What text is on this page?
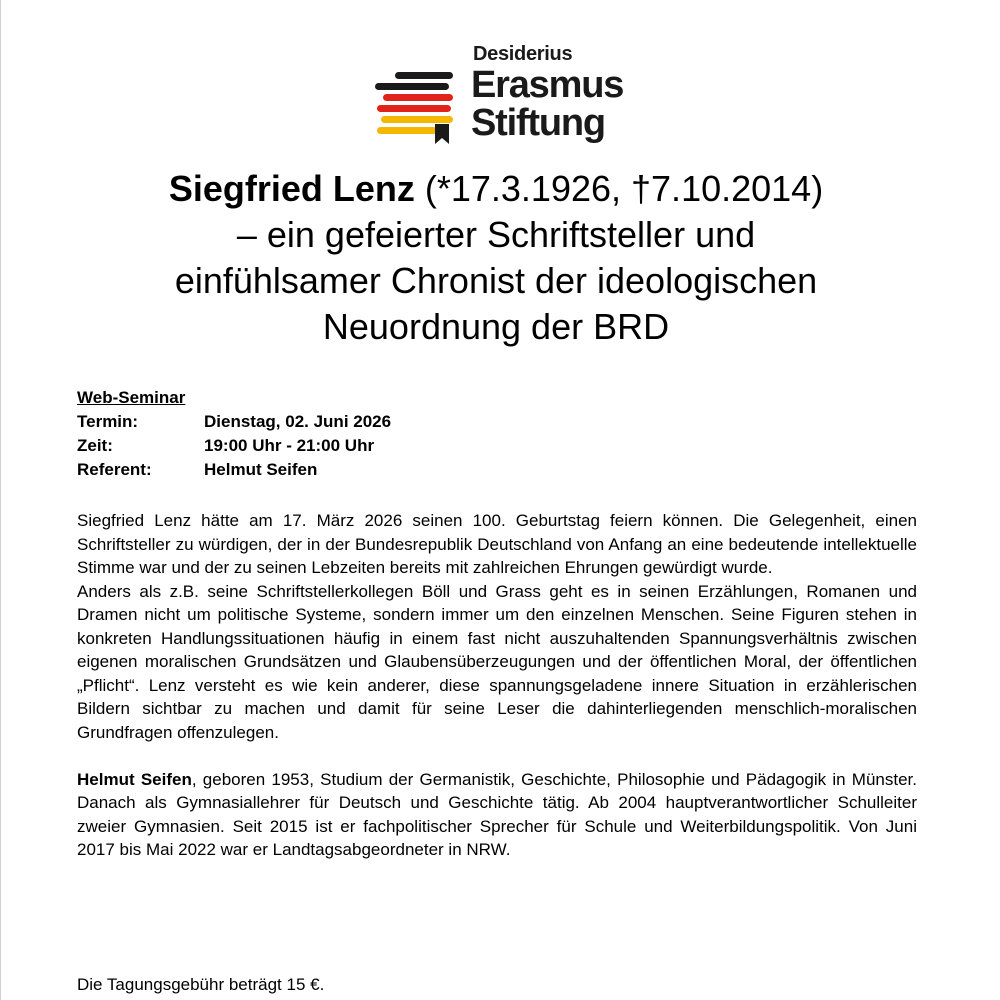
Desiderius
Erasmus
Stiftung
Siegfried Lenz (*17.3.1926, †7.10.2014)
– ein gefeierter Schriftsteller und
einfühlsamer Chronist der ideologischen
Neuordnung der BRD
Web-Seminar
Termin:	Dienstag, 02. Juni 2026
Zeit:	19:00 Uhr - 21:00 Uhr
Referent:	Helmut Seifen

Siegfried Lenz hätte am 17. März 2026 seinen 100. Geburtstag feiern können. Die Gelegenheit, einen Schriftsteller zu würdigen, der in der Bundesrepublik Deutschland von Anfang an eine bedeutende intellektuelle Stimme war und der zu seinen Lebzeiten bereits mit zahlreichen Ehrungen gewürdigt wurde.

Anders als z.B. seine Schriftstellerkollegen Böll und Grass geht es in seinen Erzählungen, Romanen und Dramen nicht um politische Systeme, sondern immer um den einzelnen Menschen. Seine Figuren stehen in konkreten Handlungssituationen häufig in einem fast nicht auszuhaltenden Spannungsverhältnis zwischen eigenen moralischen Grundsätzen und Glaubensüberzeugungen und der öffentlichen Moral, der öffentlichen „Pflicht“. Lenz versteht es wie kein anderer, diese spannungsgeladene innere Situation in erzählerischen Bildern sichtbar zu machen und damit für seine Leser die dahinterliegenden menschlich-moralischen Grundfragen offenzulegen.

Helmut Seifen, geboren 1953, Studium der Germanistik, Geschichte, Philosophie und Pädagogik in Münster. Danach als Gymnasiallehrer für Deutsch und Geschichte tätig. Ab 2004 hauptverantwortlicher Schulleiter zweier Gymnasien. Seit 2015 ist er fachpolitischer Sprecher für Schule und Weiterbildungspolitik. Von Juni 2017 bis Mai 2022 war er Landtagsabgeordneter in NRW.

Die Tagungsgebühr beträgt 15 €.
